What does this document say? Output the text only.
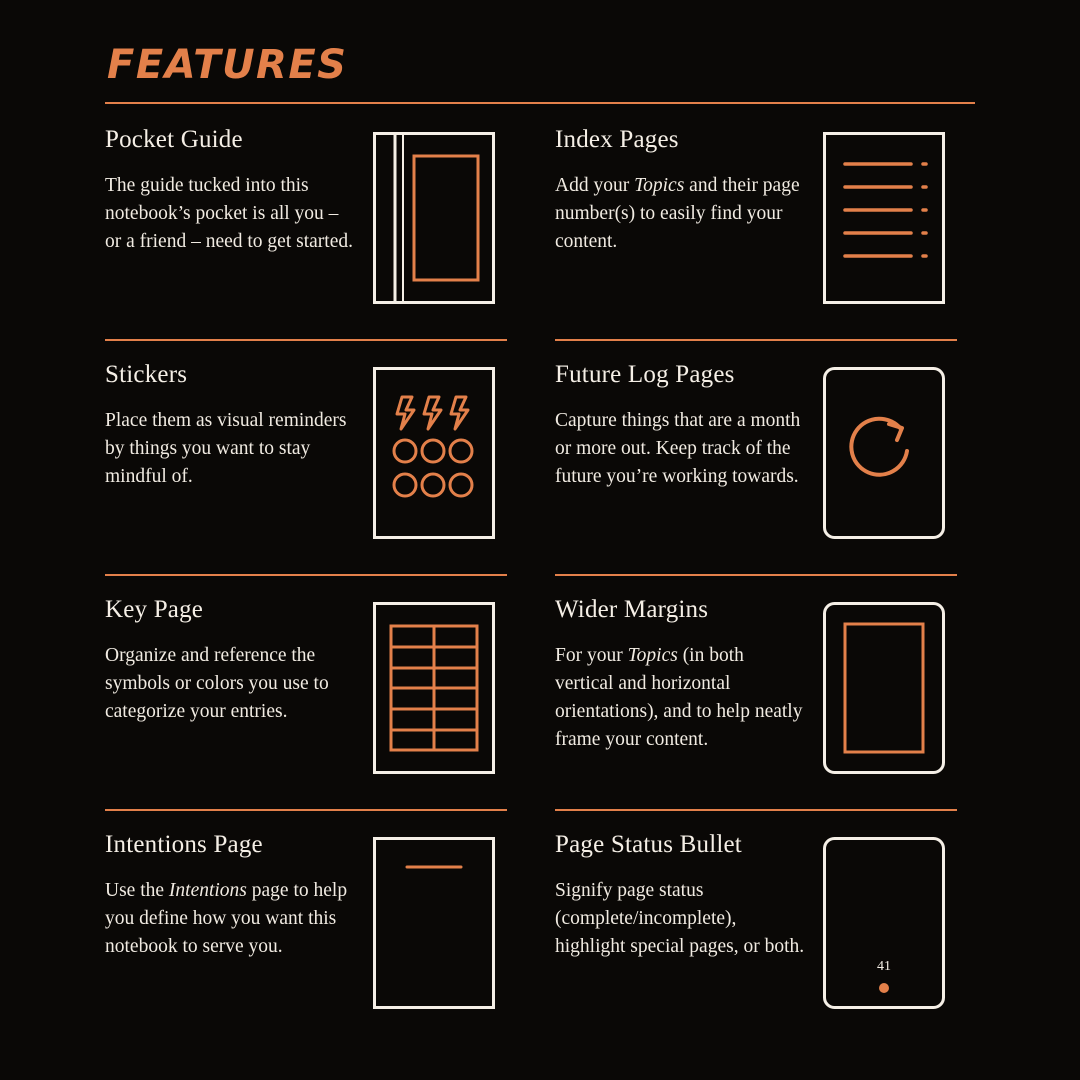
FEATURES
Pocket Guide

The guide tucked into this notebook’s pocket is all you – or a friend – need to get started.

Index Pages

Add your Topics and their page number(s) to easily find your content.

Stickers

Place them as visual reminders by things you want to stay mindful of.

Future Log Pages

Capture things that are a month or more out. Keep track of the future you’re working towards.

Key Page

Organize and reference the symbols or colors you use to categorize your entries.

Wider Margins

For your Topics (in both vertical and horizontal orientations), and to help neatly frame your content.

Intentions Page

Use the Intentions page to help you define how you want this notebook to serve you.

Page Status Bullet

Signify page status (complete/incomplete), highlight special pages, or both.

41
